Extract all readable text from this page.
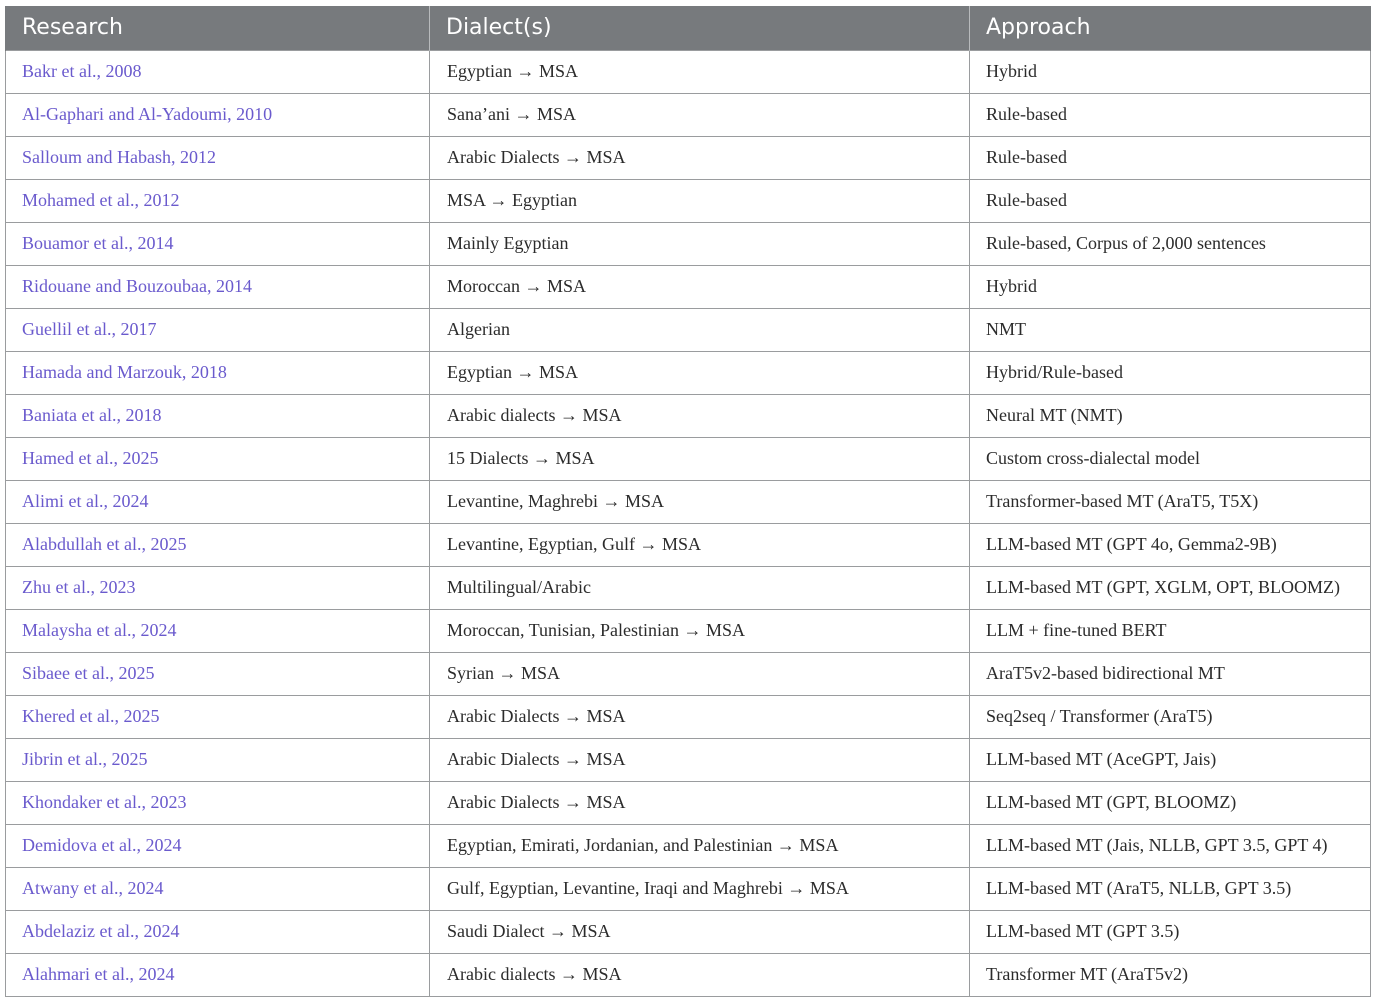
Research	Dialect(s)	Approach
Bakr et al., 2008	Egyptian → MSA	Hybrid
Al-Gaphari and Al-Yadoumi, 2010	Sana’ani → MSA	Rule-based
Salloum and Habash, 2012	Arabic Dialects → MSA	Rule-based
Mohamed et al., 2012	MSA → Egyptian	Rule-based
Bouamor et al., 2014	Mainly Egyptian	Rule-based, Corpus of 2,000 sentences
Ridouane and Bouzoubaa, 2014	Moroccan → MSA	Hybrid
Guellil et al., 2017	Algerian	NMT
Hamada and Marzouk, 2018	Egyptian → MSA	Hybrid/Rule-based
Baniata et al., 2018	Arabic dialects → MSA	Neural MT (NMT)
Hamed et al., 2025	15 Dialects → MSA	Custom cross-dialectal model
Alimi et al., 2024	Levantine, Maghrebi → MSA	Transformer-based MT (AraT5, T5X)
Alabdullah et al., 2025	Levantine, Egyptian, Gulf → MSA	LLM-based MT (GPT 4o, Gemma2-9B)
Zhu et al., 2023	Multilingual/Arabic	LLM-based MT (GPT, XGLM, OPT, BLOOMZ)
Malaysha et al., 2024	Moroccan, Tunisian, Palestinian → MSA	LLM + fine-tuned BERT
Sibaee et al., 2025	Syrian → MSA	AraT5v2-based bidirectional MT
Khered et al., 2025	Arabic Dialects → MSA	Seq2seq / Transformer (AraT5)
Jibrin et al., 2025	Arabic Dialects → MSA	LLM-based MT (AceGPT, Jais)
Khondaker et al., 2023	Arabic Dialects → MSA	LLM-based MT (GPT, BLOOMZ)
Demidova et al., 2024	Egyptian, Emirati, Jordanian, and Palestinian → MSA	LLM-based MT (Jais, NLLB, GPT 3.5, GPT 4)
Atwany et al., 2024	Gulf, Egyptian, Levantine, Iraqi and Maghrebi → MSA	LLM-based MT (AraT5, NLLB, GPT 3.5)
Abdelaziz et al., 2024	Saudi Dialect → MSA	LLM-based MT (GPT 3.5)
Alahmari et al., 2024	Arabic dialects → MSA	Transformer MT (AraT5v2)
